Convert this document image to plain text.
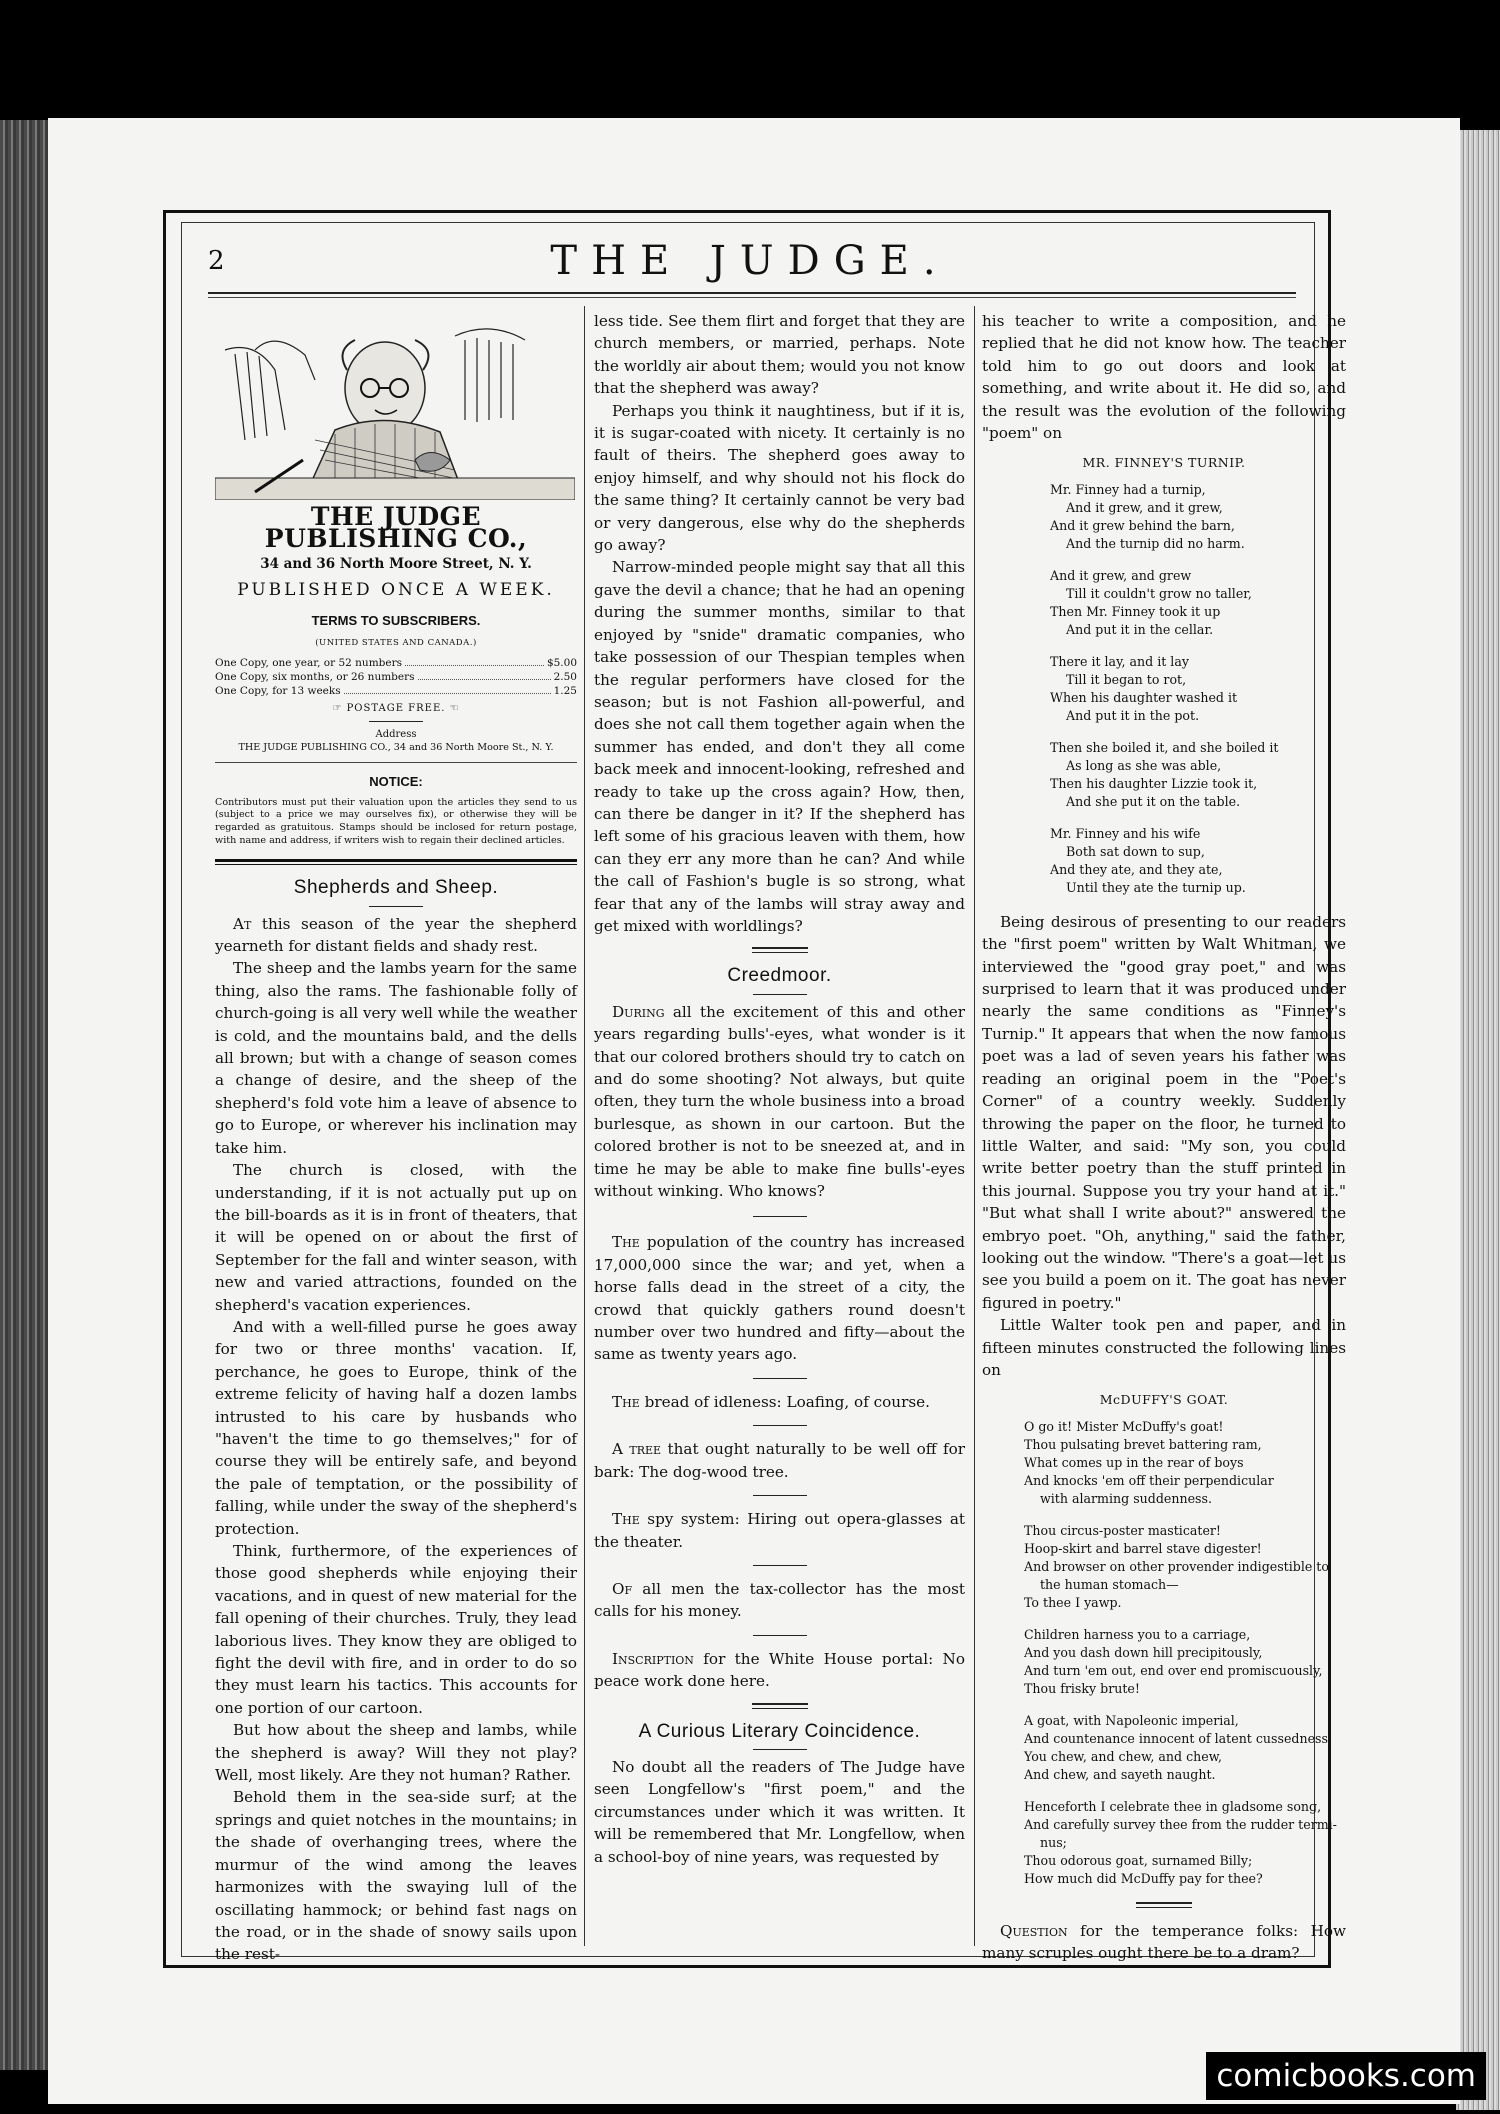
2	THE JUDGE.
THE JUDGE PUBLISHING CO.,
34 and 36 North Moore Street, N. Y.
PUBLISHED ONCE A WEEK.
TERMS TO SUBSCRIBERS.
(UNITED STATES AND CANADA.)
One Copy, one year, or 52 numbers	$5.00
One Copy, six months, or 26 numbers	2.50
One Copy, for 13 weeks	1.25
☞ POSTAGE FREE. ☜
Address
THE JUDGE PUBLISHING CO., 34 and 36 North Moore St., N. Y.
NOTICE:
Contributors must put their valuation upon the articles they send to us (subject to a price we may ourselves fix), or otherwise they will be regarded as gratuitous. Stamps should be inclosed for return postage, with name and address, if writers wish to regain their declined articles.
Shepherds and Sheep.

At this season of the year the shepherd yearneth for distant fields and shady rest.

The sheep and the lambs yearn for the same thing, also the rams. The fashionable folly of church-going is all very well while the weather is cold, and the mountains bald, and the dells all brown; but with a change of season comes a change of desire, and the sheep of the shepherd's fold vote him a leave of absence to go to Europe, or wherever his inclination may take him.

The church is closed, with the understanding, if it is not actually put up on the bill-boards as it is in front of theaters, that it will be opened on or about the first of September for the fall and winter season, with new and varied attractions, founded on the shepherd's vacation experiences.

And with a well-filled purse he goes away for two or three months' vacation. If, perchance, he goes to Europe, think of the extreme felicity of having half a dozen lambs intrusted to his care by husbands who "haven't the time to go themselves;" for of course they will be entirely safe, and beyond the pale of temptation, or the possibility of falling, while under the sway of the shepherd's protection.

Think, furthermore, of the experiences of those good shepherds while enjoying their vacations, and in quest of new material for the fall opening of their churches. Truly, they lead laborious lives. They know they are obliged to fight the devil with fire, and in order to do so they must learn his tactics. This accounts for one portion of our cartoon.

But how about the sheep and lambs, while the shepherd is away? Will they not play? Well, most likely. Are they not human? Rather.

Behold them in the sea-side surf; at the springs and quiet notches in the mountains; in the shade of overhanging trees, where the murmur of the wind among the leaves harmonizes with the swaying lull of the oscillating hammock; or behind fast nags on the road, or in the shade of snowy sails upon the rest-

less tide. See them flirt and forget that they are church members, or married, perhaps. Note the worldly air about them; would you not know that the shepherd was away?

Perhaps you think it naughtiness, but if it is, it is sugar-coated with nicety. It certainly is no fault of theirs. The shepherd goes away to enjoy himself, and why should not his flock do the same thing? It certainly cannot be very bad or very dangerous, else why do the shepherds go away?

Narrow-minded people might say that all this gave the devil a chance; that he had an opening during the summer months, similar to that enjoyed by "snide" dramatic companies, who take possession of our Thespian temples when the regular performers have closed for the season; but is not Fashion all-powerful, and does she not call them together again when the summer has ended, and don't they all come back meek and innocent-looking, refreshed and ready to take up the cross again? How, then, can there be danger in it? If the shepherd has left some of his gracious leaven with them, how can they err any more than he can? And while the call of Fashion's bugle is so strong, what fear that any of the lambs will stray away and get mixed with worldlings?

Creedmoor.

During all the excitement of this and other years regarding bulls'-eyes, what wonder is it that our colored brothers should try to catch on and do some shooting? Not always, but quite often, they turn the whole business into a broad burlesque, as shown in our cartoon. But the colored brother is not to be sneezed at, and in time he may be able to make fine bulls'-eyes without winking. Who knows?

The population of the country has increased 17,000,000 since the war; and yet, when a horse falls dead in the street of a city, the crowd that quickly gathers round doesn't number over two hundred and fifty—about the same as twenty years ago.

The bread of idleness: Loafing, of course.

A tree that ought naturally to be well off for bark: The dog-wood tree.

The spy system: Hiring out opera-glasses at the theater.

Of all men the tax-collector has the most calls for his money.

Inscription for the White House portal: No peace work done here.

A Curious Literary Coincidence.

No doubt all the readers of The Judge have seen Longfellow's "first poem," and the circumstances under which it was written. It will be remembered that Mr. Longfellow, when a school-boy of nine years, was requested by

his teacher to write a composition, and he replied that he did not know how. The teacher told him to go out doors and look at something, and write about it. He did so, and the result was the evolution of the following "poem" on

MR. FINNEY'S TURNIP.
Mr. Finney had a turnip,
And it grew, and it grew,
And it grew behind the barn,
And the turnip did no harm.
And it grew, and grew
Till it couldn't grow no taller,
Then Mr. Finney took it up
And put it in the cellar.
There it lay, and it lay
Till it began to rot,
When his daughter washed it
And put it in the pot.
Then she boiled it, and she boiled it
As long as she was able,
Then his daughter Lizzie took it,
And she put it on the table.
Mr. Finney and his wife
Both sat down to sup,
And they ate, and they ate,
Until they ate the turnip up.

Being desirous of presenting to our readers the "first poem" written by Walt Whitman, we interviewed the "good gray poet," and was surprised to learn that it was produced under nearly the same conditions as "Finney's Turnip." It appears that when the now famous poet was a lad of seven years his father was reading an original poem in the "Poet's Corner" of a country weekly. Suddenly throwing the paper on the floor, he turned to little Walter, and said: "My son, you could write better poetry than the stuff printed in this journal. Suppose you try your hand at it." "But what shall I write about?" answered the embryo poet. "Oh, anything," said the father, looking out the window. "There's a goat—let us see you build a poem on it. The goat has never figured in poetry."

Little Walter took pen and paper, and in fifteen minutes constructed the following lines on

McDUFFY'S GOAT.
O go it! Mister McDuffy's goat!
Thou pulsating brevet battering ram,
What comes up in the rear of boys
And knocks 'em off their perpendicular
with alarming suddenness.
Thou circus-poster masticater!
Hoop-skirt and barrel stave digester!
And browser on other provender indigestible to
the human stomach—
To thee I yawp.
Children harness you to a carriage,
And you dash down hill precipitously,
And turn 'em out, end over end promiscuously,
Thou frisky brute!
A goat, with Napoleonic imperial,
And countenance innocent of latent cussedness,
You chew, and chew, and chew,
And chew, and sayeth naught.
Henceforth I celebrate thee in gladsome song,
And carefully survey thee from the rudder termi-
nus;
Thou odorous goat, surnamed Billy;
How much did McDuffy pay for thee?

Question for the temperance folks: How many scruples ought there be to a dram?

comicbooks.com
